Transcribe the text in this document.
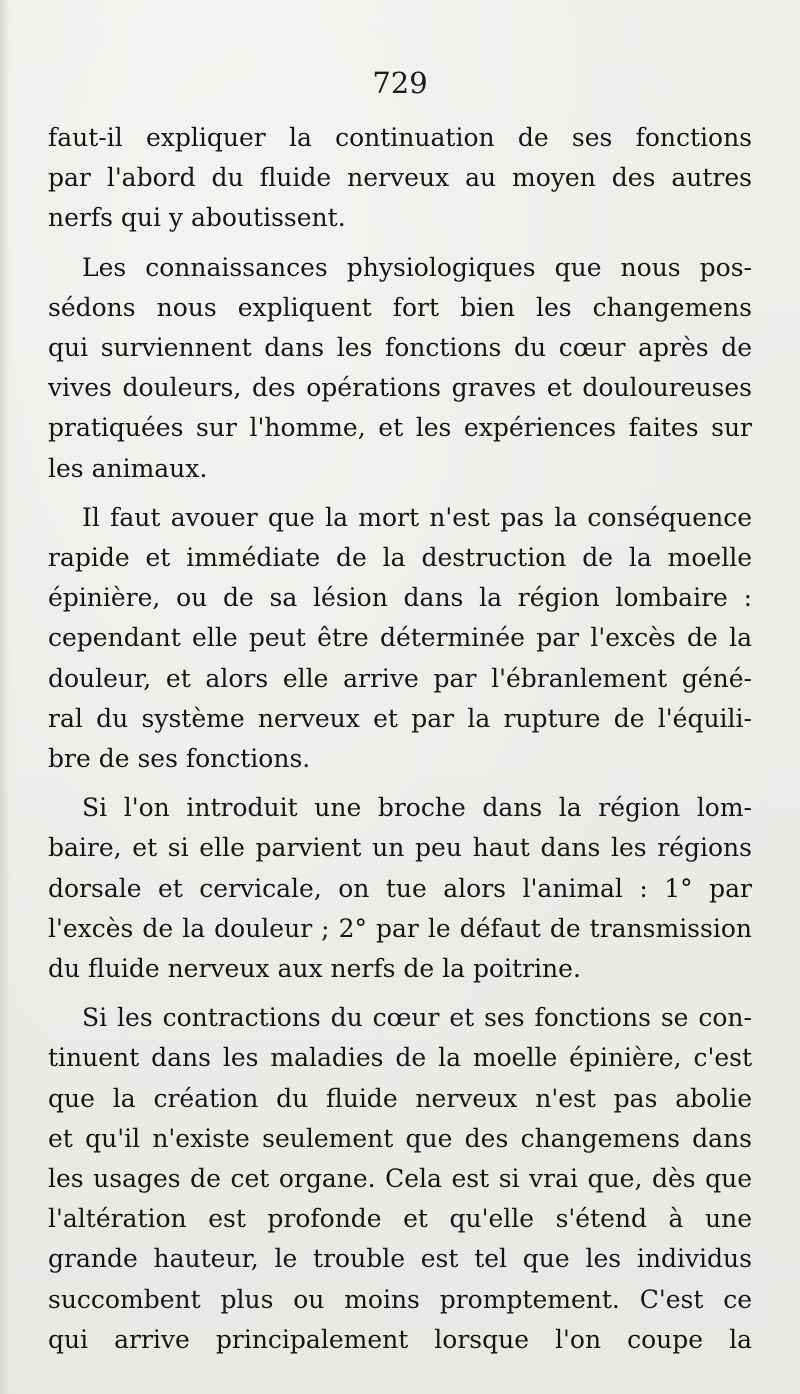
729

faut-il expliquer la continuation de ses fonctions
par l'abord du fluide nerveux au moyen des autres
nerfs qui y aboutissent.

Les connaissances physiologiques que nous pos-
sédons nous expliquent fort bien les changemens
qui surviennent dans les fonctions du cœur après de
vives douleurs, des opérations graves et douloureuses
pratiquées sur l'homme, et les expériences faites sur
les animaux.

Il faut avouer que la mort n'est pas la conséquence
rapide et immédiate de la destruction de la moelle
épinière, ou de sa lésion dans la région lombaire :
cependant elle peut être déterminée par l'excès de la
douleur, et alors elle arrive par l'ébranlement géné-
ral du système nerveux et par la rupture de l'équili-
bre de ses fonctions.

Si l'on introduit une broche dans la région lom-
baire, et si elle parvient un peu haut dans les régions
dorsale et cervicale, on tue alors l'animal : 1° par
l'excès de la douleur ; 2° par le défaut de transmission
du fluide nerveux aux nerfs de la poitrine.

Si les contractions du cœur et ses fonctions se con-
tinuent dans les maladies de la moelle épinière, c'est
que la création du fluide nerveux n'est pas abolie
et qu'il n'existe seulement que des changemens dans
les usages de cet organe. Cela est si vrai que, dès que
l'altération est profonde et qu'elle s'étend à une
grande hauteur, le trouble est tel que les individus
succombent plus ou moins promptement. C'est ce
qui arrive principalement lorsque l'on coupe la
